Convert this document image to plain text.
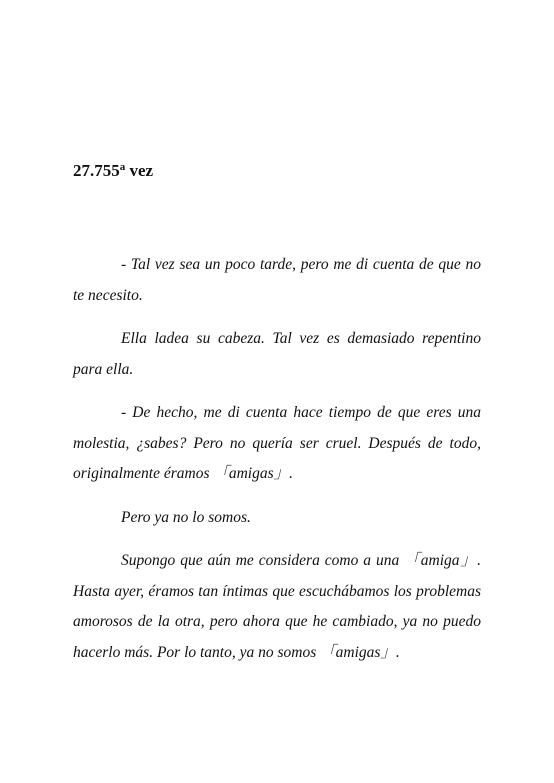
27.755$^a$ vez

- Tal vez sea un poco tarde, pero me di cuenta de que no te necesito.

Ella ladea su cabeza. Tal vez es demasiado repentino para ella.

- De hecho, me di cuenta hace tiempo de que eres una molestia, ¿sabes? Pero no quería ser cruel. Después de todo, originalmente éramos 「amigas」.

Pero ya no lo somos.

Supongo que aún me considera como a una 「amiga」. Hasta ayer, éramos tan íntimas que escuchábamos los problemas amorosos de la otra, pero ahora que he cambiado, ya no puedo hacerlo más. Por lo tanto, ya no somos 「amigas」.
